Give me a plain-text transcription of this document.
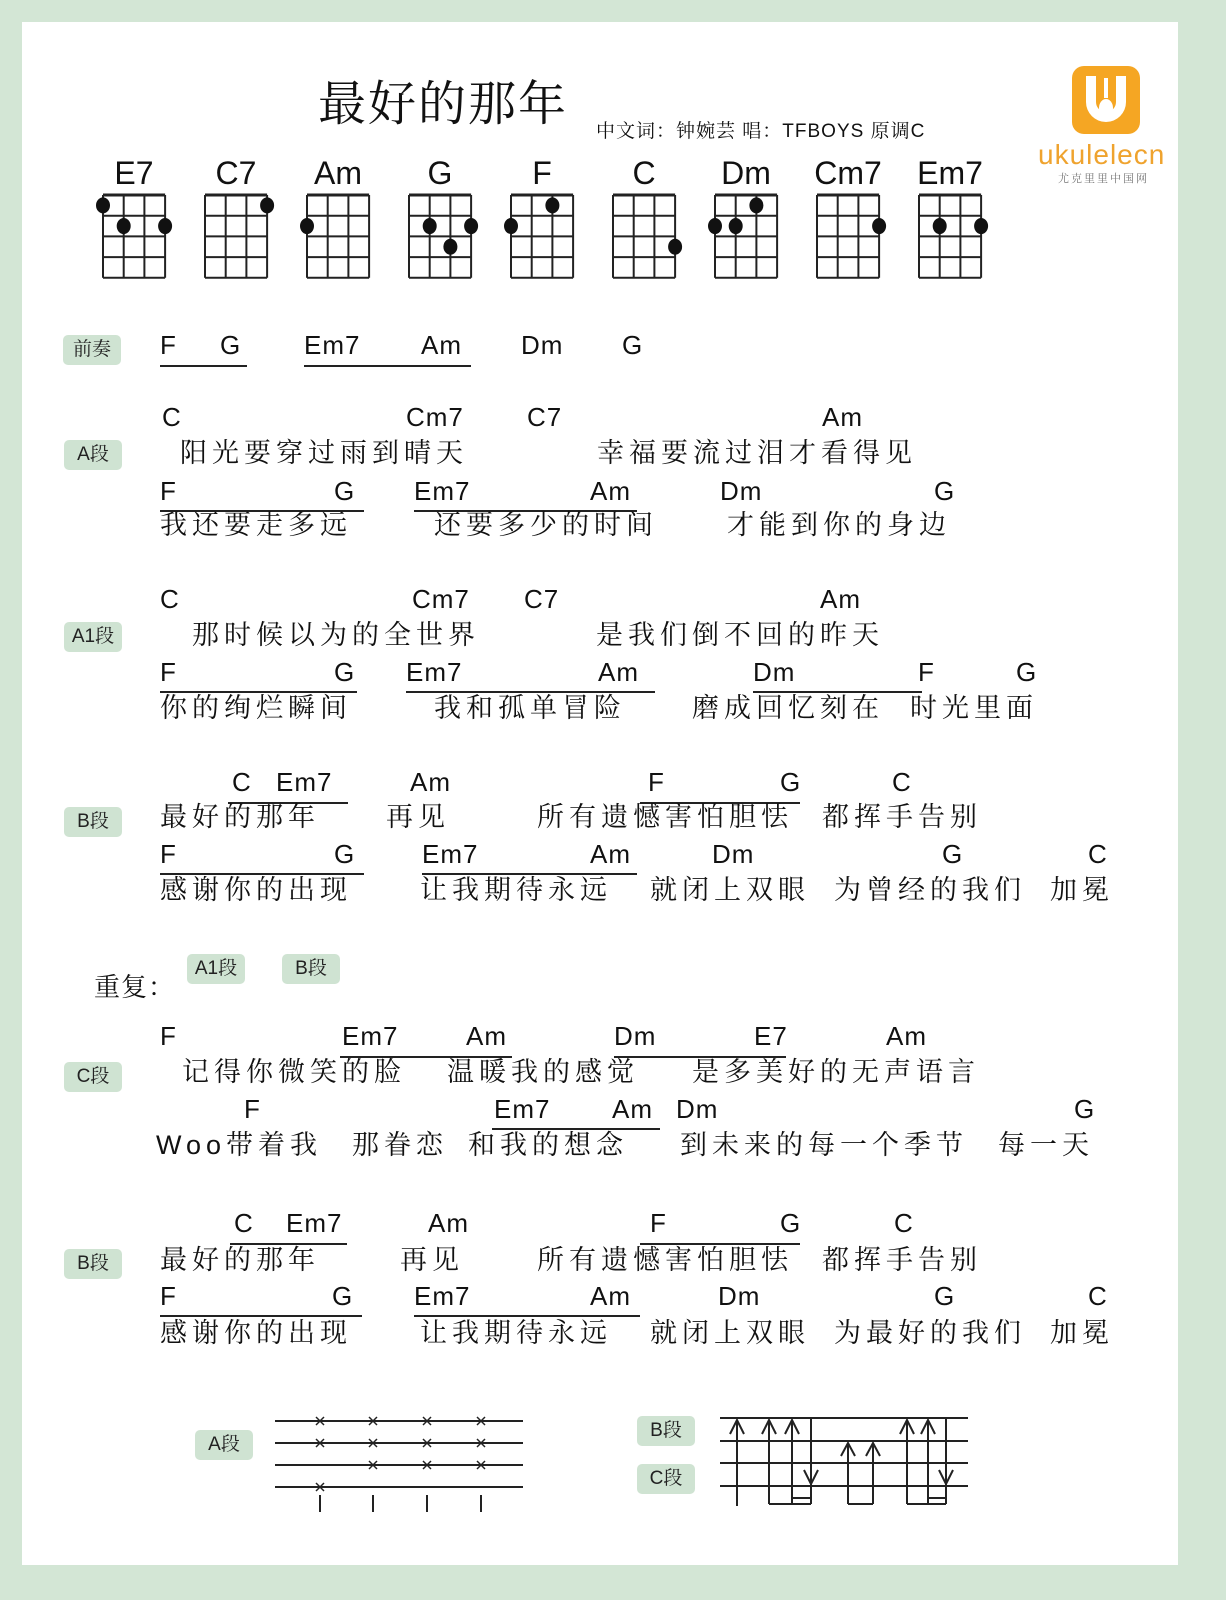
最好的那年
中文词：钟婉芸 唱：TFBOYS 原调C
ukulelecn
尤克里里中国网
重复：
A1段	B段
A段
B段
C段
E7	C7	Am	G	F	C	Dm	Cm7 Em7
前奏	F G Em7 Am Dm G
A段
C	Cm7 C7	Am
阳光要穿过雨到晴天	幸福要流过泪才看得见
F	G Em7	Am	Dm	G
我还要走多远	还要多少的时间	才能到你的身边
A1段
C	Cm7 C7	Am
那时候以为的全世界	是我们倒不回的昨天
F	G Em7	Am	Dm	F	G
你的绚烂瞬间	我和孤单冒险 磨成回忆刻在 时光里面
B段
C Em7	Am	F	G	C
最好的那年 再见	所有遗憾害怕胆怯 都挥手告别
F	G	Em7	Am	Dm	G	C
感谢你的出现	让我期待永远 就闭上双眼 为曾经的我们 加冕
C段
F	Em7	Am	Dm	E7	Am
记得你微笑的脸 温暖我的感觉 是多美好的无声语言
F	Em7 Am Dm	G
Woo带着我 那眷恋 和我的想念 到未来的每一个季节 每一天
B段
C Em7	Am	F	G	C
最好的那年	再见	所有遗憾害怕胆怯 都挥手告别
F	G Em7	Am	Dm	G	C
感谢你的出现	让我期待永远 就闭上双眼 为最好的我们 加冕
